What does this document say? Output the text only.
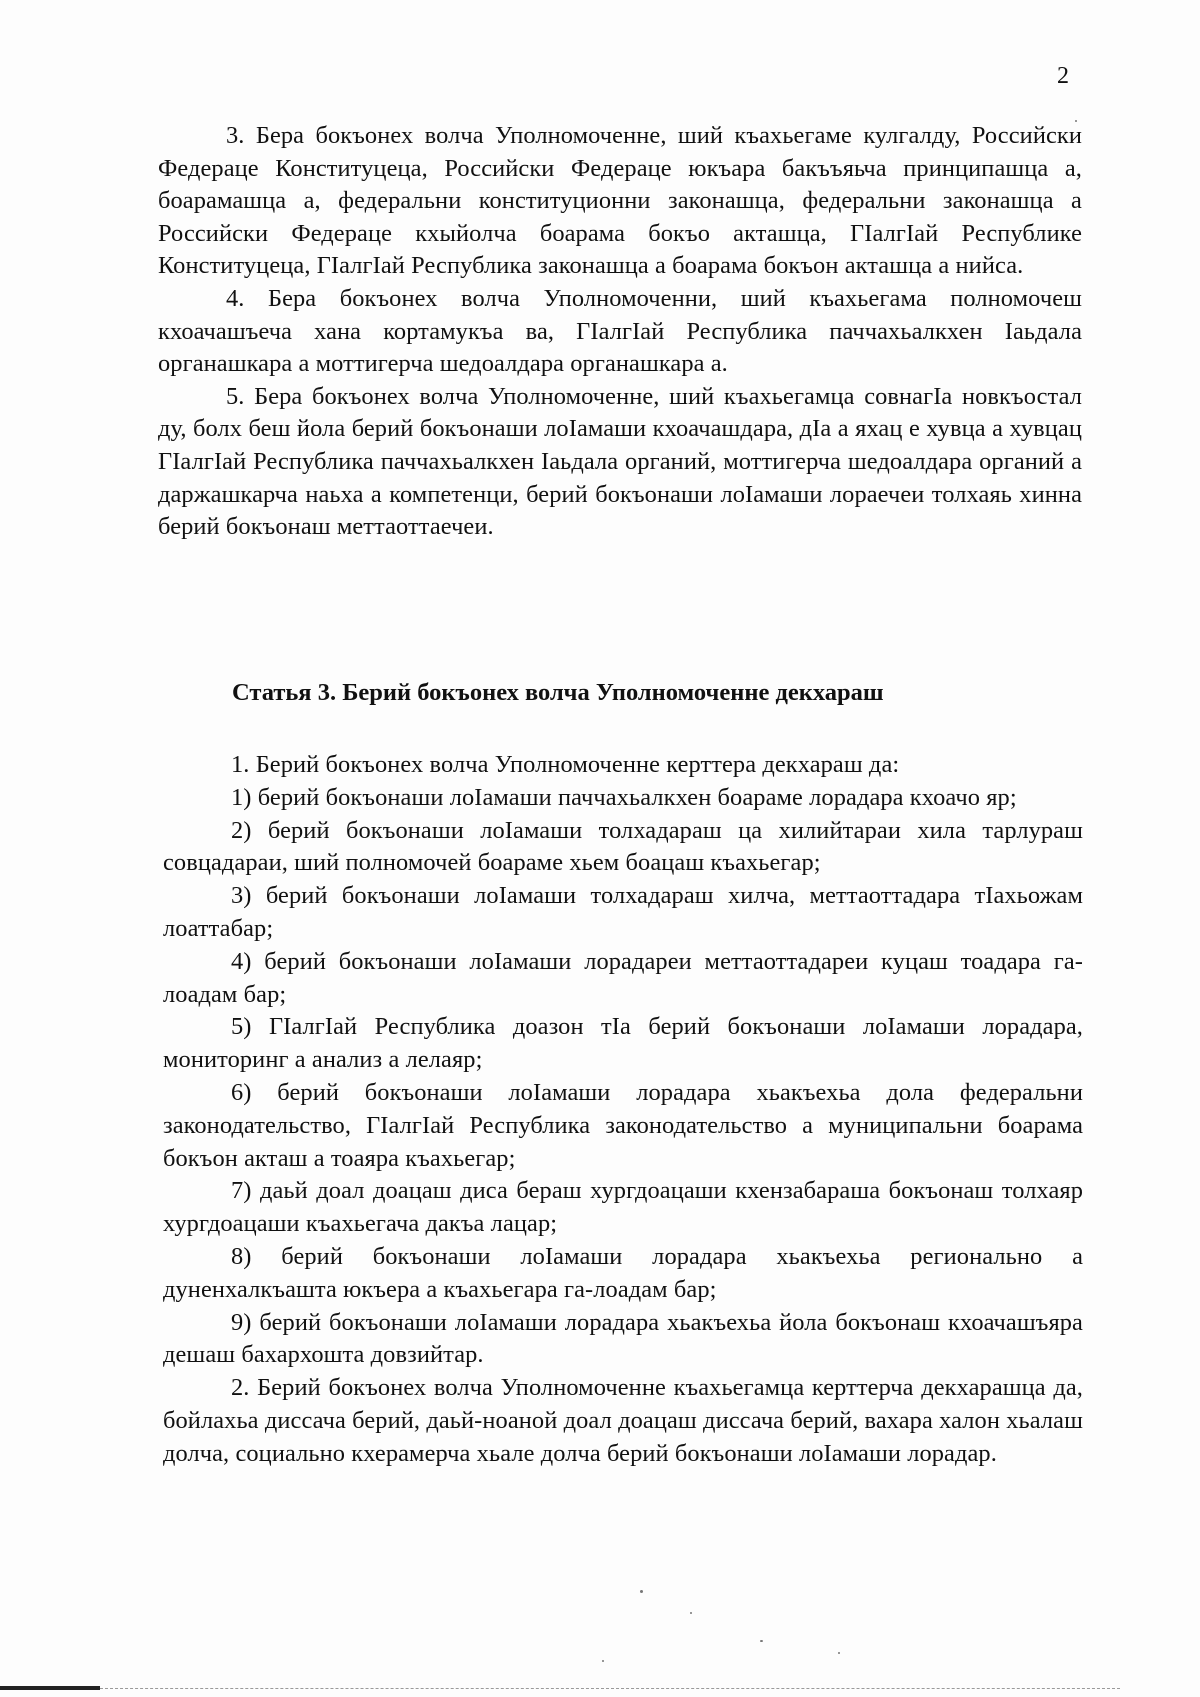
2

3. Бера бокъонех волча Уполномоченне, ший къахьегаме кулгалду, Российски Федераце Конституцеца, Российски Федераце юкъара бакъъяьча принципашца а, боарамашца а, федеральни конституционни законашца, федеральни законашца а Российски Федераце кхыйолча боарама бокъо акташца, ГIалгIай Республике Конституцеца, ГIалгIай Республика законашца а боарама бокъон акташца а нийса.

4. Бера бокъонех волча Уполномоченни, ший къахьегама полномочеш кхоачашъеча хана кортамукъа ва, ГIалгIай Республика паччахьалкхен Iаьдала органашкара а моттигерча шедоалдара органашкара а.

5. Бера бокъонех волча Уполномоченне, ший къахьегамца совнагIа новкъостал ду, болх беш йола берий бокъонаши лоIамаши кхоачашдара, дIа а яхац е хувца а хувцац ГIалгIай Республика паччахьалкхен Iаьдала органий, моттигерча шедоалдара органий а даржашкарча наьха а компетенци, берий бокъонаши лоIамаши лораечеи толхаяь хинна берий бокъонаш меттаоттаечеи.

Статья 3. Берий бокъонех волча Уполномоченне декхараш

1. Берий бокъонех волча Уполномоченне керттера декхараш да:

1) берий бокъонаши лоIамаши паччахьалкхен боараме лорадара кхоачо яр;

2) берий бокъонаши лоIамаши толхадараш ца хилийтараи хила тарлураш совцадараи, ший полномочей боараме хьем боацаш къахьегар;

3) берий бокъонаши лоIамаши толхадараш хилча, меттаоттадара тIахьожам лоаттабар;

4) берий бокъонаши лоIамаши лорадареи меттаоттадареи куцаш тоадара га-лоадам бар;

5) ГIалгIай Республика доазон тIа берий бокъонаши лоIамаши лорадара, мониторинг а анализ а лелаяр;

6) берий бокъонаши лоIамаши лорадара хьакъехьа дола федеральни законодательство, ГIалгIай Республика законодательство а муниципальни боарама бокъон акташ а тоаяра къахьегар;

7) даьй доал доацаш диса бераш хургдоацаши кхензабараша бокъонаш толхаяр хургдоацаши къахьегача дакъа лацар;

8) берий бокъонаши лоIамаши лорадара хьакъехьа регионально а дуненхалкъашта юкъера а къахьегара га-лоадам бар;

9) берий бокъонаши лоIамаши лорадара хьакъехьа йола бокъонаш кхоачашъяра дешаш бахархошта довзийтар.

2. Берий бокъонех волча Уполномоченне къахьегамца керттерча декхарашца да, бойлахьа диссача берий, даьй-ноаной доал доацаш диссача берий, вахара халон хьалаш долча, социально кхерамерча хьале долча берий бокъонаши лоIамаши лорадар.
